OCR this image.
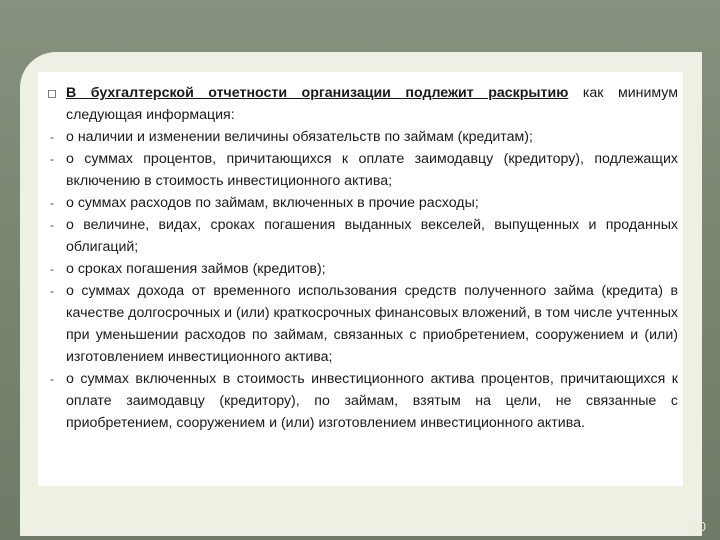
◻ В бухгалтерской отчетности организации подлежит раскрытию как минимум следующая информация:
- о наличии и изменении величины обязательств по займам (кредитам);
- о суммах процентов, причитающихся к оплате заимодавцу (кредитору), подлежащих включению в стоимость инвестиционного актива;
- о суммах расходов по займам, включенных в прочие расходы;
- о величине, видах, сроках погашения выданных векселей, выпущенных и проданных облигаций;
- о сроках погашения займов (кредитов);
- о суммах дохода от временного использования средств полученного займа (кредита) в качестве долгосрочных и (или) краткосрочных финансовых вложений, в том числе учтенных при уменьшении расходов по займам, связанных с приобретением, сооружением и (или) изготовлением инвестиционного актива;
- о суммах включенных в стоимость инвестиционного актива процентов, причитающихся к оплате заимодавцу (кредитору), по займам, взятым на цели, не связанные с приобретением, сооружением и (или) изготовлением инвестиционного актива.
20
